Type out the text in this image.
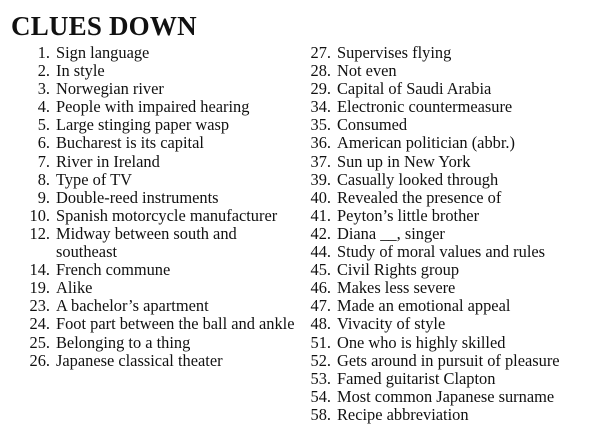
CLUES DOWN
1. Sign language
2. In style
3. Norwegian river
4. People with impaired hearing
5. Large stinging paper wasp
6. Bucharest is its capital
7. River in Ireland
8. Type of TV
9. Double-reed instruments
10. Spanish motorcycle manufacturer
12. Midway between south and southeast
14. French commune
19. Alike
23. A bachelor’s apartment
24. Foot part between the ball and ankle
25. Belonging to a thing
26. Japanese classical theater
27. Supervises flying
28. Not even
29. Capital of Saudi Arabia
34. Electronic countermeasure
35. Consumed
36. American politician (abbr.)
37. Sun up in New York
39. Casually looked through
40. Revealed the presence of
41. Peyton’s little brother
42. Diana __, singer
44. Study of moral values and rules
45. Civil Rights group
46. Makes less severe
47. Made an emotional appeal
48. Vivacity of style
51. One who is highly skilled
52. Gets around in pursuit of pleasure
53. Famed guitarist Clapton
54. Most common Japanese surname
58. Recipe abbreviation
